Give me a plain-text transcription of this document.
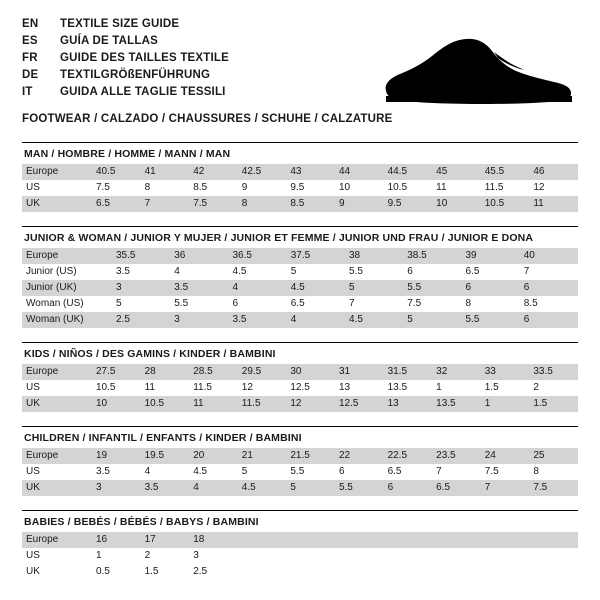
EN	TEXTILE SIZE GUIDE
ES	GUÍA DE TALLAS
FR	GUIDE DES TAILLES TEXTILE
DE	TEXTILGRÖßENFÜHRUNG
IT	GUIDA ALLE TAGLIE TESSILI
FOOTWEAR / CALZADO / CHAUSSURES / SCHUHE / CALZATURE
MAN / HOMBRE / HOMME / MANN / MAN
Europe	40.5	41	42	42.5	43	44	44.5	45	45.5	46
US	7.5	8	8.5	9	9.5	10	10.5	11	11.5	12
UK	6.5	7	7.5	8	8.5	9	9.5	10	10.5	11
JUNIOR & WOMAN / JUNIOR Y MUJER / JUNIOR ET FEMME / JUNIOR UND FRAU / JUNIOR E DONA
Europe	35.5	36	36.5	37.5	38	38.5	39	40
Junior (US)	3.5	4	4.5	5	5.5	6	6.5	7
Junior (UK)	3	3.5	4	4.5	5	5.5	6	6
Woman (US)	5	5.5	6	6.5	7	7.5	8	8.5
Woman (UK)	2.5	3	3.5	4	4.5	5	5.5	6
KIDS / NIÑOS / DES GAMINS / KINDER / BAMBINI
Europe	27.5	28	28.5	29.5	30	31	31.5	32	33	33.5
US	10.5	11	11.5	12	12.5	13	13.5	1	1.5	2
UK	10	10.5	11	11.5	12	12.5	13	13.5	1	1.5
CHILDREN / INFANTIL / ENFANTS / KINDER / BAMBINI
Europe	19	19.5	20	21	21.5	22	22.5	23.5	24	25
US	3.5	4	4.5	5	5.5	6	6.5	7	7.5	8
UK	3	3.5	4	4.5	5	5.5	6	6.5	7	7.5
BABIES / BEBÉS / BÉBÉS / BABYS / BAMBINI
Europe	16	17	18							
US	1	2	3							
UK	0.5	1.5	2.5							
